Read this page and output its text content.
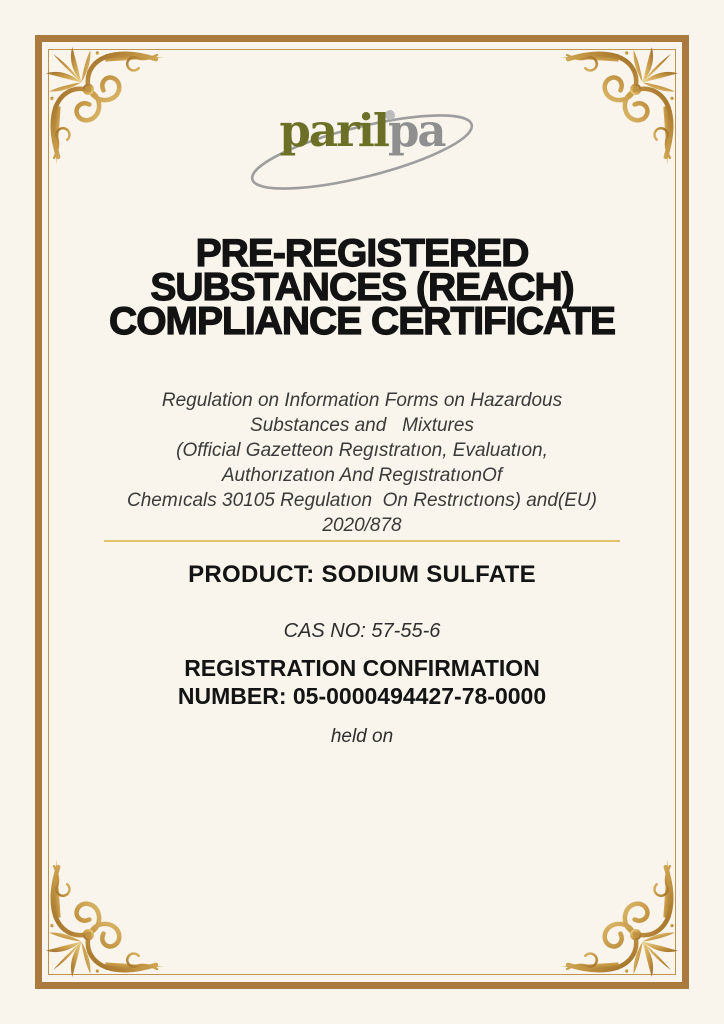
parilpa
PRE-REGISTERED
SUBSTANCES (REACH)
COMPLIANCE CERTIFICATE
Regulation on Information Forms on Hazardous
Substances and   Mixtures
(Official Gazetteon Regıstratıon, Evaluatıon,
Authorızatıon And RegıstratıonOf
Chemıcals 30105 Regulatıon  On Restrıctıons) and(EU)
2020/878
PRODUCT: SODIUM SULFATE
CAS NO: 57-55-6
REGISTRATION CONFIRMATION
NUMBER: 05-0000494427-78-0000
held on
